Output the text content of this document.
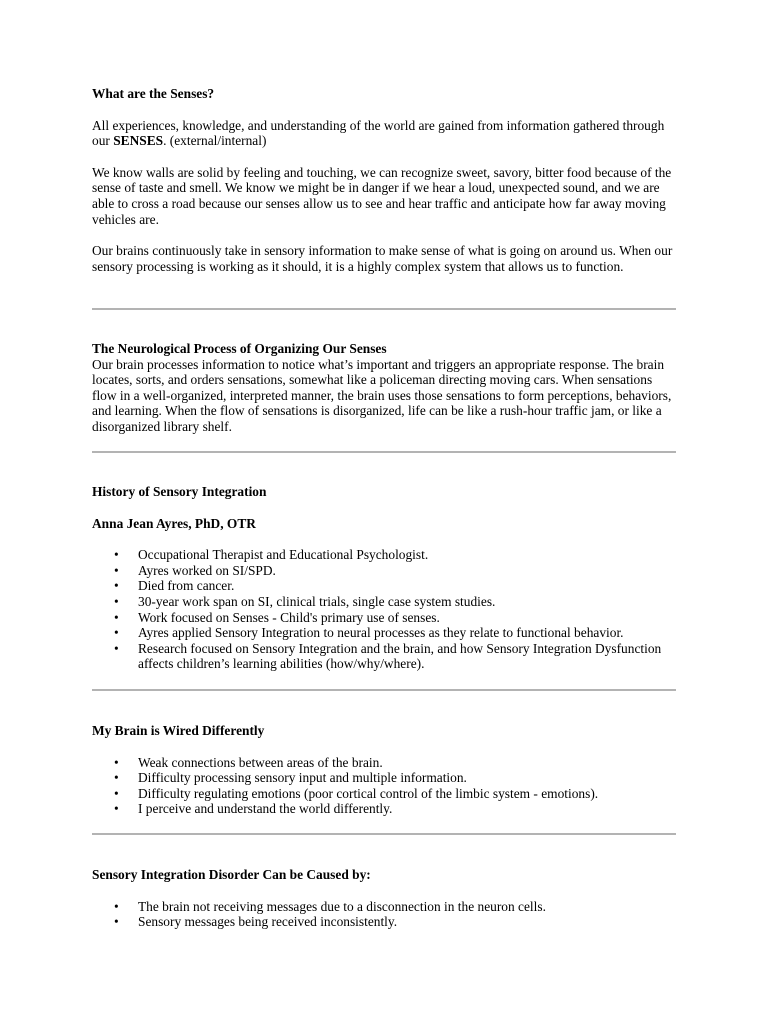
What are the Senses?

All experiences, knowledge, and understanding of the world are gained from information gathered through our SENSES. (external/internal)

We know walls are solid by feeling and touching, we can recognize sweet, savory, bitter food because of the sense of taste and smell. We know we might be in danger if we hear a loud, unexpected sound, and we are able to cross a road because our senses allow us to see and hear traffic and anticipate how far away moving vehicles are.

Our brains continuously take in sensory information to make sense of what is going on around us. When our sensory processing is working as it should, it is a highly complex system that allows us to function.

The Neurological Process of Organizing Our Senses

Our brain processes information to notice what’s important and triggers an appropriate response. The brain locates, sorts, and orders sensations, somewhat like a policeman directing moving cars. When sensations flow in a well-organized, interpreted manner, the brain uses those sensations to form perceptions, behaviors, and learning. When the flow of sensations is disorganized, life can be like a rush-hour traffic jam, or like a disorganized library shelf.

History of Sensory Integration

Anna Jean Ayres, PhD, OTR

• Occupational Therapist and Educational Psychologist.
• Ayres worked on SI/SPD.
• Died from cancer.
• 30-year work span on SI, clinical trials, single case system studies.
• Work focused on Senses - Child's primary use of senses.
• Ayres applied Sensory Integration to neural processes as they relate to functional behavior.
• Research focused on Sensory Integration and the brain, and how Sensory Integration Dysfunction affects children’s learning abilities (how/why/where).

My Brain is Wired Differently

• Weak connections between areas of the brain.
• Difficulty processing sensory input and multiple information.
• Difficulty regulating emotions (poor cortical control of the limbic system - emotions).
• I perceive and understand the world differently.

Sensory Integration Disorder Can be Caused by:

• The brain not receiving messages due to a disconnection in the neuron cells.
• Sensory messages being received inconsistently.
